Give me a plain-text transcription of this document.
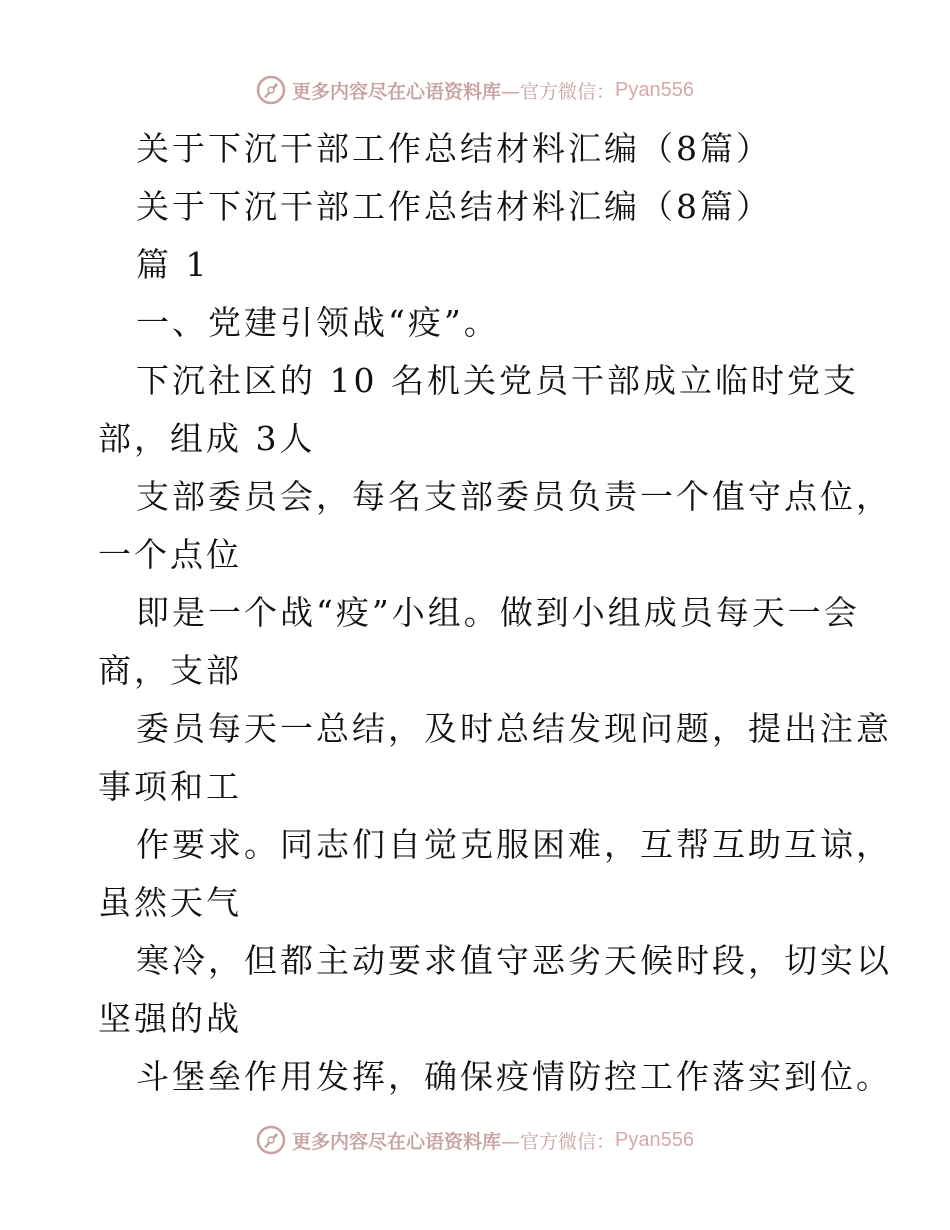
更多内容尽在心语资料库 —官方微信： Pyan556
关于下沉干部工作总结材料汇编（8篇）
关于下沉干部工作总结材料汇编（8篇）
篇 1
一、党建引领战“疫”。
下沉社区的 10 名机关党员干部成立临时党支
部，组成 3人
支部委员会，每名支部委员负责一个值守点位，
一个点位
即是一个战“疫”小组。做到小组成员每天一会
商，支部
委员每天一总结，及时总结发现问题，提出注意
事项和工
作要求。同志们自觉克服困难，互帮互助互谅，
虽然天气
寒冷，但都主动要求值守恶劣天候时段，切实以
坚强的战
斗堡垒作用发挥，确保疫情防控工作落实到位。
更多内容尽在心语资料库 —官方微信： Pyan556
